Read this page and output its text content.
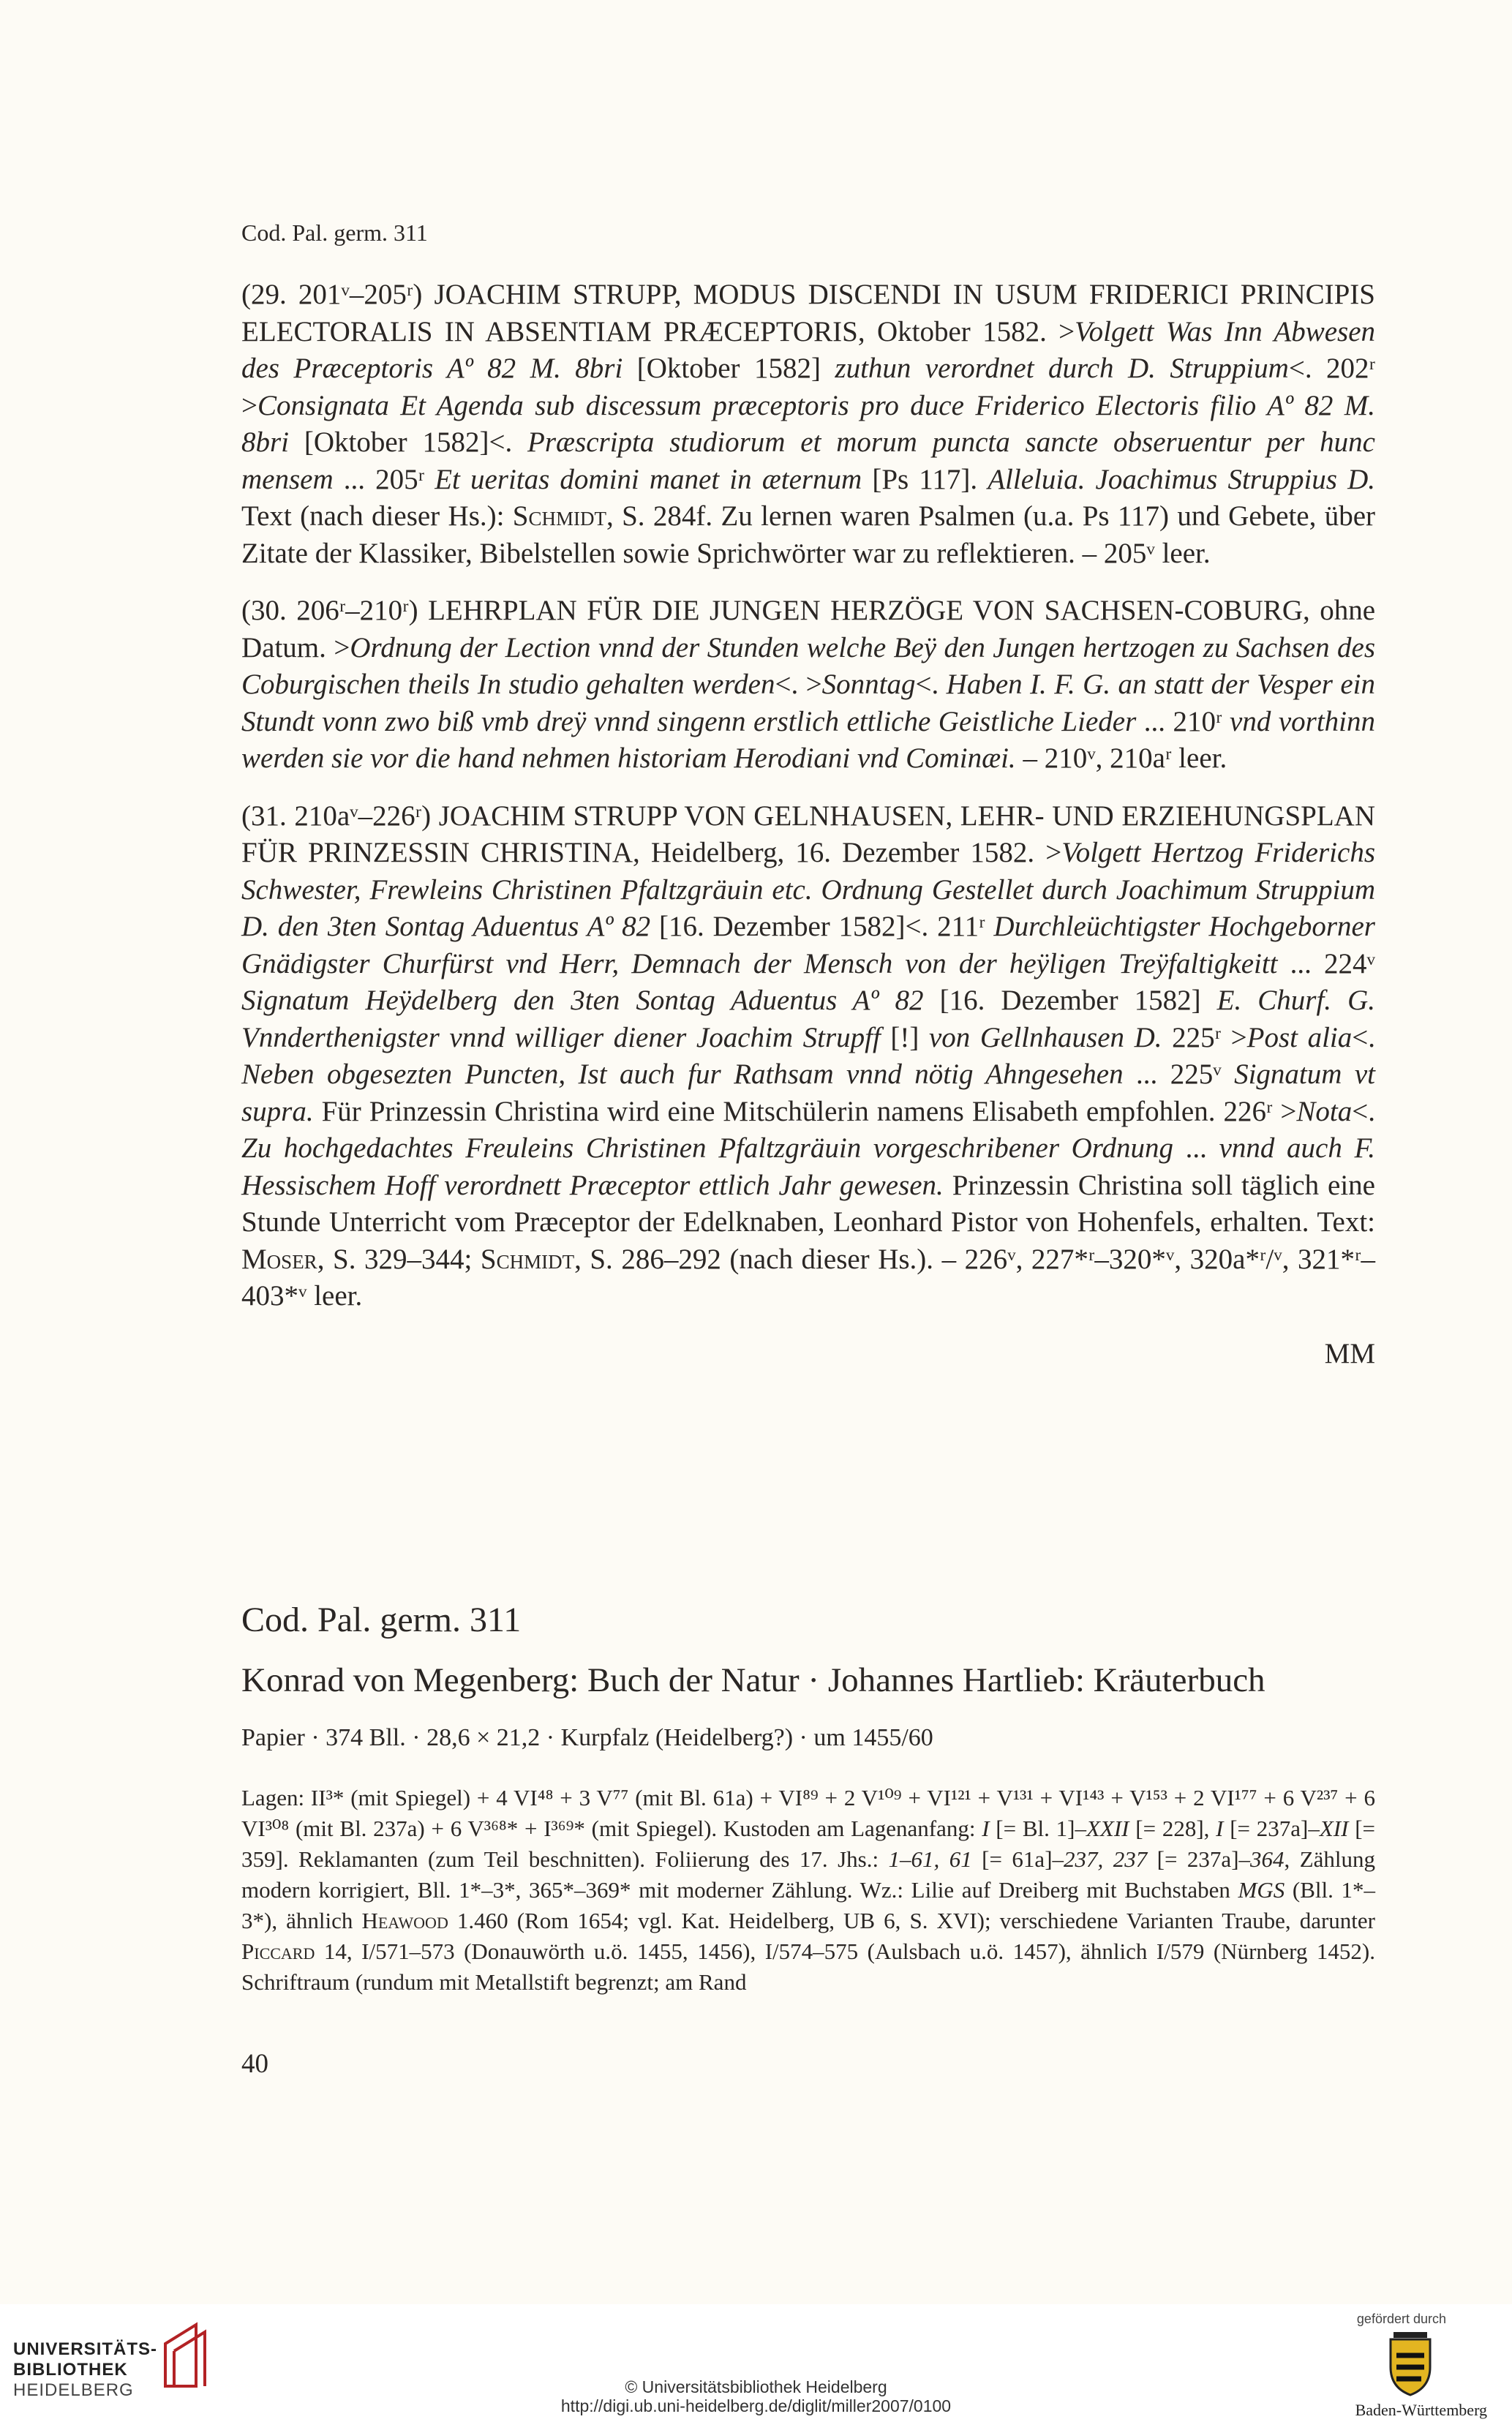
Cod. Pal. germ. 311

(29. 201ᵛ–205ʳ) JOACHIM STRUPP, MODUS DISCENDI IN USUM FRIDERICI PRINCIPIS ELECTORALIS IN ABSENTIAM PRÆCEPTORIS, Oktober 1582. >Volgett Was Inn Abwesen des Præceptoris Aº 82 M. 8bri [Oktober 1582] zuthun verordnet durch D. Struppium<. 202ʳ >Consignata Et Agenda sub discessum præceptoris pro duce Friderico Electoris filio Aº 82 M. 8bri [Oktober 1582]<. Præscripta studiorum et morum puncta sancte obseruentur per hunc mensem ... 205ʳ Et ueritas domini manet in æternum [Ps 117]. Alleluia. Joachimus Struppius D. Text (nach dieser Hs.): Schmidt, S. 284f. Zu lernen waren Psalmen (u.a. Ps 117) und Gebete, über Zitate der Klassiker, Bibelstellen sowie Sprichwörter war zu reflektieren. – 205ᵛ leer.

(30. 206ʳ–210ʳ) LEHRPLAN FÜR DIE JUNGEN HERZÖGE VON SACHSEN-COBURG, ohne Datum. >Ordnung der Lection vnnd der Stunden welche Beÿ den Jungen hertzogen zu Sachsen des Coburgischen theils In studio gehalten werden<. >Sonntag<. Haben I. F. G. an statt der Vesper ein Stundt vonn zwo biß vmb dreÿ vnnd singenn erstlich ettliche Geistliche Lieder ... 210ʳ vnd vorthinn werden sie vor die hand nehmen historiam Herodiani vnd Cominæi. – 210ᵛ, 210aʳ leer.

(31. 210aᵛ–226ʳ) JOACHIM STRUPP VON GELNHAUSEN, LEHR- UND ERZIEHUNGSPLAN FÜR PRINZESSIN CHRISTINA, Heidelberg, 16. Dezember 1582. >Volgett Hertzog Friderichs Schwester, Frewleins Christinen Pfaltzgräuin etc. Ordnung Gestellet durch Joachimum Struppium D. den 3ten Sontag Aduentus Aº 82 [16. Dezember 1582]<. 211ʳ Durchleüchtigster Hochgeborner Gnädigster Churfürst vnd Herr, Demnach der Mensch von der heÿligen Treÿfaltigkeitt ... 224ᵛ Signatum Heÿdelberg den 3ten Sontag Aduentus Aº 82 [16. Dezember 1582] E. Churf. G. Vnnderthenigster vnnd williger diener Joachim Strupff [!] von Gellnhausen D. 225ʳ >Post alia<. Neben obgesezten Puncten, Ist auch fur Rathsam vnnd nötig Ahngesehen ... 225ᵛ Signatum vt supra. Für Prinzessin Christina wird eine Mitschülerin namens Elisabeth empfohlen. 226ʳ >Nota<. Zu hochgedachtes Freuleins Christinen Pfaltzgräuin vorgeschribener Ordnung ... vnnd auch F. Hessischem Hoff verordnett Præceptor ettlich Jahr gewesen. Prinzessin Christina soll täglich eine Stunde Unterricht vom Præceptor der Edelknaben, Leonhard Pistor von Hohenfels, erhalten. Text: Moser, S. 329–344; Schmidt, S. 286–292 (nach dieser Hs.). – 226ᵛ, 227*ʳ–320*ᵛ, 320a*ʳ/ᵛ, 321*ʳ–403*ᵛ leer.

MM

Cod. Pal. germ. 311

Konrad von Megenberg: Buch der Natur · Johannes Hartlieb: Kräuterbuch

Papier · 374 Bll. · 28,6 × 21,2 · Kurpfalz (Heidelberg?) · um 1455/60

Lagen: II³* (mit Spiegel) + 4 VI⁴⁸ + 3 V⁷⁷ (mit Bl. 61a) + VI⁸⁹ + 2 V¹⁰⁹ + VI¹²¹ + V¹³¹ + VI¹⁴³ + V¹⁵³ + 2 VI¹⁷⁷ + 6 V²³⁷ + 6 VI³⁰⁸ (mit Bl. 237a) + 6 V³⁶⁸* + I³⁶⁹* (mit Spiegel). Kustoden am Lagenanfang: I [= Bl. 1]–XXII [= 228], I [= 237a]–XII [= 359]. Reklamanten (zum Teil beschnitten). Foliierung des 17. Jhs.: 1–61, 61 [= 61a]–237, 237 [= 237a]–364, Zählung modern korrigiert, Bll. 1*–3*, 365*–369* mit moderner Zählung. Wz.: Lilie auf Dreiberg mit Buchstaben MGS (Bll. 1*–3*), ähnlich Heawood 1.460 (Rom 1654; vgl. Kat. Heidelberg, UB 6, S. XVI); verschiedene Varianten Traube, darunter Piccard 14, I/571–573 (Donauwörth u.ö. 1455, 1456), I/574–575 (Aulsbach u.ö. 1457), ähnlich I/579 (Nürnberg 1452). Schriftraum (rundum mit Metallstift begrenzt; am Rand
40
UNIVERSITÄTS-
BIBLIOTHEK
HEIDELBERG	© Universitätsbibliothek Heidelberg
http://digi.ub.uni-heidelberg.de/diglit/miller2007/0100
gefördert durch
Baden-Württemberg
